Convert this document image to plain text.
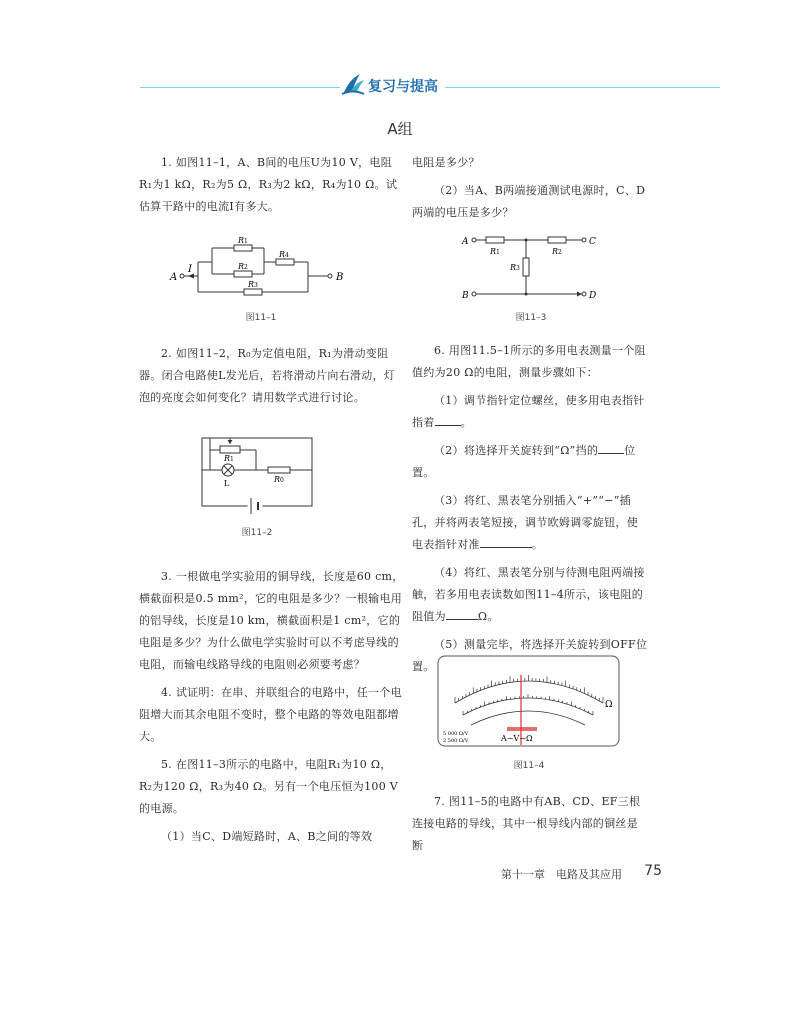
复习与提高
A组

1. 如图11–1，A、B间的电压U为10 V，电阻R₁为1 kΩ，R₂为5 Ω，R₃为2 kΩ，R₄为10 Ω。试估算干路中的电流I有多大。

A
I
B
R1
R2
R4
R3
图11–1

2. 如图11–2，R₀为定值电阻，R₁为滑动变阻器。闭合电路使L发光后，若将滑动片向右滑动，灯泡的亮度会如何变化？请用数学式进行讨论。

R1
L	R0
图11–2

3. 一根做电学实验用的铜导线，长度是60 cm，横截面积是0.5 mm²，它的电阻是多少？一根输电用的铝导线，长度是10 km，横截面积是1 cm²，它的电阻是多少？为什么做电学实验时可以不考虑导线的电阻，而输电线路导线的电阻则必须要考虑？

4. 试证明：在串、并联组合的电路中，任一个电阻增大而其余电阻不变时，整个电路的等效电阻都增大。

5. 在图11–3所示的电路中，电阻R₁为10 Ω，R₂为120 Ω，R₃为40 Ω。另有一个电压恒为100 V的电源。

（1）当C、D端短路时，A、B之间的等效

电阻是多少？

（2）当A、B两端接通测试电源时，C、D两端的电压是多少？

A
B
C
D
R1	R2
R3
图11–3

6. 用图11.5–1所示的多用电表测量一个阻值约为20 Ω的电阻，测量步骤如下：

（1）调节指针定位螺丝，使多用电表指针指着 。

（2）将选择开关旋转到“Ω”挡的 位置。

（3）将红、黑表笔分别插入“+”“−”插孔，并将两表笔短接，调节欧姆调零旋钮，使电表指针对准	。

（4）将红、黑表笔分别与待测电阻两端接触，若多用电表读数如图11–4所示，该电阻的阻值为	Ω。

（5）测量完毕，将选择开关旋转到OFF位置。

Ω
A−V−Ω
5 000 Ω/V
2 500 Ω/V
图11–4

7. 图11–5的电路中有AB、CD、EF三根连接电路的导线，其中一根导线内部的铜丝是断

第十一章　电路及其应用 75
